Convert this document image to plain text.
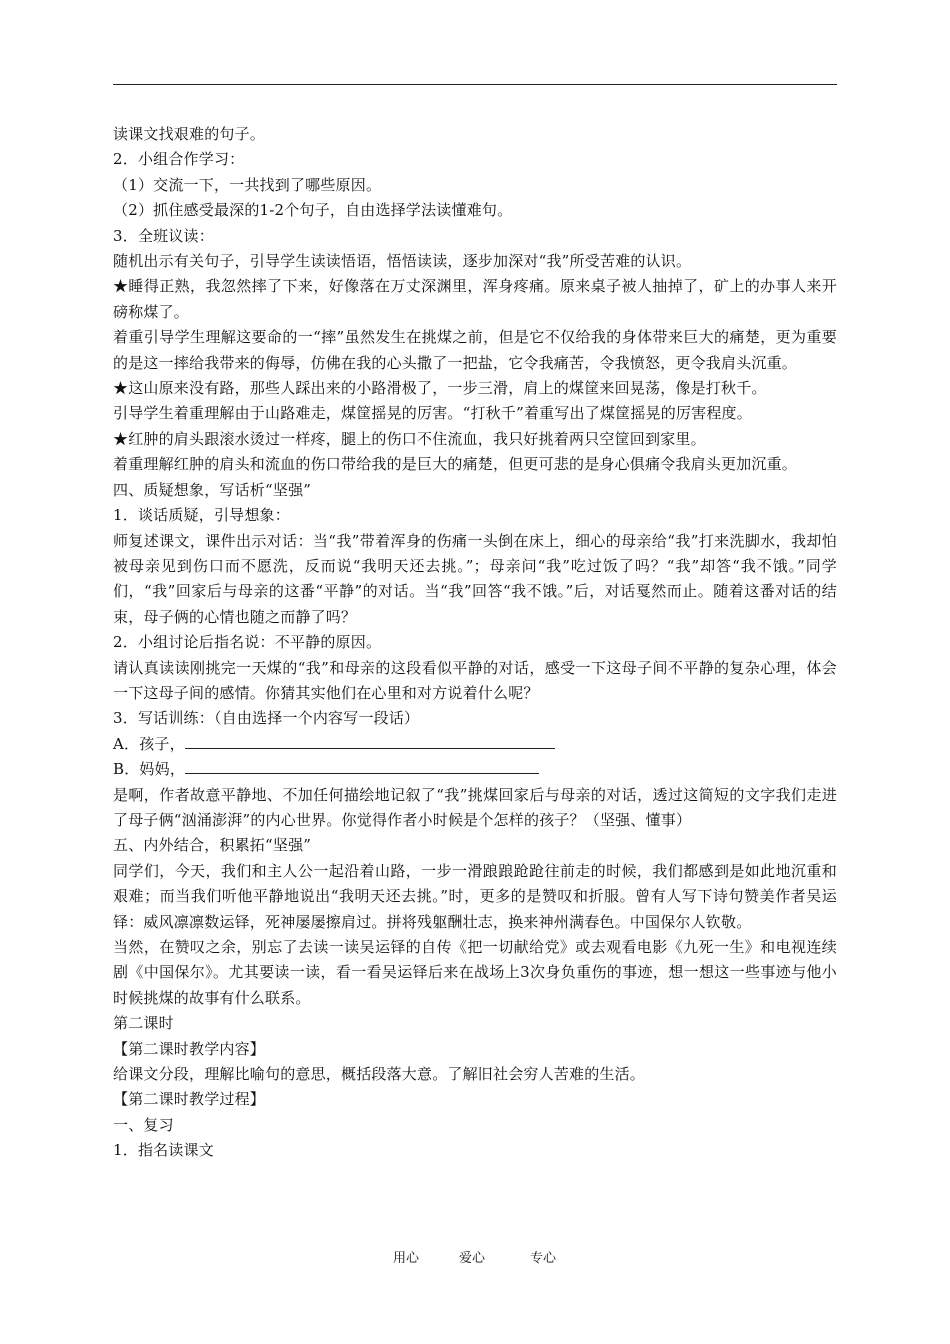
读课文找艰难的句子。

2．小组合作学习：

（1）交流一下，一共找到了哪些原因。

（2）抓住感受最深的1-2个句子，自由选择学法读懂难句。

3．全班议读：

随机出示有关句子，引导学生读读悟语，悟悟读读，逐步加深对“我”所受苦难的认识。

★睡得正熟，我忽然摔了下来，好像落在万丈深渊里，浑身疼痛。原来桌子被人抽掉了，矿上的办事人来开磅称煤了。

着重引导学生理解这要命的一“摔”虽然发生在挑煤之前，但是它不仅给我的身体带来巨大的痛楚，更为重要的是这一摔给我带来的侮辱，仿佛在我的心头撒了一把盐，它令我痛苦，令我愤怒，更令我肩头沉重。

★这山原来没有路，那些人踩出来的小路滑极了，一步三滑，肩上的煤筐来回晃荡，像是打秋千。

引导学生着重理解由于山路难走，煤筐摇晃的厉害。“打秋千”着重写出了煤筐摇晃的厉害程度。

★红肿的肩头跟滚水烫过一样疼，腿上的伤口不住流血，我只好挑着两只空筐回到家里。

着重理解红肿的肩头和流血的伤口带给我的是巨大的痛楚，但更可悲的是身心俱痛令我肩头更加沉重。

四、质疑想象，写话析“坚强”

1．谈话质疑，引导想象：

师复述课文，课件出示对话：当“我”带着浑身的伤痛一头倒在床上，细心的母亲给“我”打来洗脚水，我却怕被母亲见到伤口而不愿洗，反而说“我明天还去挑。”；母亲问“我”吃过饭了吗？“我”却答“我不饿。”同学们，“我”回家后与母亲的这番“平静”的对话。当“我”回答“我不饿。”后，对话戛然而止。随着这番对话的结束，母子俩的心情也随之而静了吗？

2．小组讨论后指名说：不平静的原因。

请认真读读刚挑完一天煤的“我”和母亲的这段看似平静的对话，感受一下这母子间不平静的复杂心理，体会一下这母子间的感情。你猜其实他们在心里和对方说着什么呢？

3．写话训练：（自由选择一个内容写一段话）

A．孩子，

B．妈妈，

是啊，作者故意平静地、不加任何描绘地记叙了“我”挑煤回家后与母亲的对话，透过这简短的文字我们走进了母子俩“汹涌澎湃”的内心世界。你觉得作者小时候是个怎样的孩子？（坚强、懂事）

五、内外结合，积累拓“坚强”

同学们，今天，我们和主人公一起沿着山路，一步一滑踉踉跄跄往前走的时候，我们都感到是如此地沉重和艰难；而当我们听他平静地说出“我明天还去挑。”时，更多的是赞叹和折服。曾有人写下诗句赞美作者吴运铎：威风凛凛数运铎，死神屡屡擦肩过。拼将残躯酬壮志，换来神州满春色。中国保尔人钦敬。

当然，在赞叹之余，别忘了去读一读吴运铎的自传《把一切献给党》或去观看电影《九死一生》和电视连续剧《中国保尔》。尤其要读一读，看一看吴运铎后来在战场上3次身负重伤的事迹，想一想这一些事迹与他小时候挑煤的故事有什么联系。

第二课时

【第二课时教学内容】

给课文分段，理解比喻句的意思，概括段落大意。了解旧社会穷人苦难的生活。

【第二课时教学过程】

一、复习

1．指名读课文

用心	爱心	专心
